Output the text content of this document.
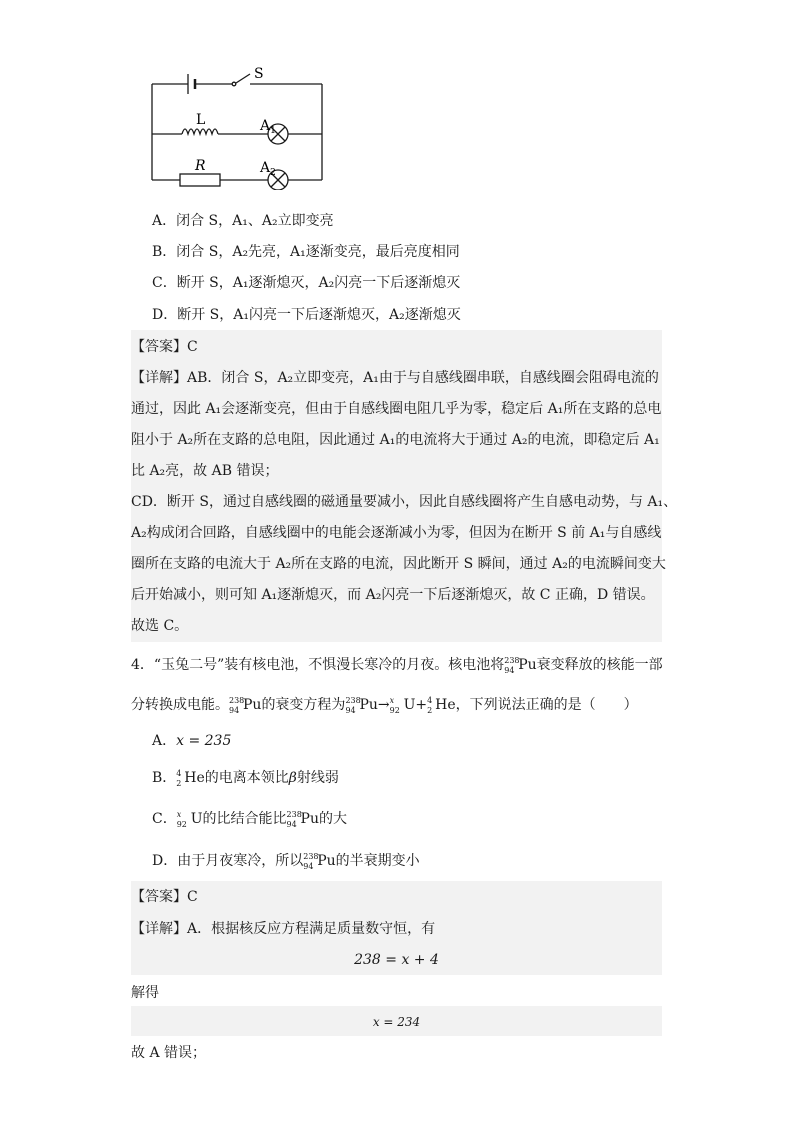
S
L	$A_1$
R	$A_2$
A．闭合 S，A₁、A₂立即变亮
B．闭合 S，A₂先亮，A₁逐渐变亮，最后亮度相同
C．断开 S，A₁逐渐熄灭，A₂闪亮一下后逐渐熄灭
D．断开 S，A₁闪亮一下后逐渐熄灭，A₂逐渐熄灭
【答案】C
【详解】AB．闭合 S，A₂立即变亮，A₁由于与自感线圈串联，自感线圈会阻碍电流的
通过，因此 A₁会逐渐变亮，但由于自感线圈电阻几乎为零，稳定后 A₁所在支路的总电
阻小于 A₂所在支路的总电阻，因此通过 A₁的电流将大于通过 A₂的电流，即稳定后 A₁
比 A₂亮，故 AB 错误；
CD．断开 S，通过自感线圈的磁通量要减小，因此自感线圈将产生自感电动势，与 A₁、
A₂构成闭合回路，自感线圈中的电能会逐渐减小为零，但因为在断开 S 前 A₁与自感线
圈所在支路的电流大于 A₂所在支路的电流，因此断开 S 瞬间，通过 A₂的电流瞬间变大
后开始减小，则可知 A₁逐渐熄灭，而 A₂闪亮一下后逐渐熄灭，故 C 正确，D 错误。
故选 C。
4．“玉兔二号”装有核电池，不惧漫长寒冷的月夜。核电池将 238
94 Pu衰变释放的核能一部
分转换成电能。 238
94 Pu的衰变方程为 238
94 Pu→ x
92 U+ 4
2 He，下列说法正确的是（　　）
A．x = 235
B． 4
2 He的电离本领比β射线弱
C． x
92 U的比结合能比 238
94 Pu的大
D．由于月夜寒冷，所以 238
94 Pu的半衰期变小
【答案】C
【详解】A．根据核反应方程满足质量数守恒，有
238 = x + 4
解得
x = 234
故 A 错误；
